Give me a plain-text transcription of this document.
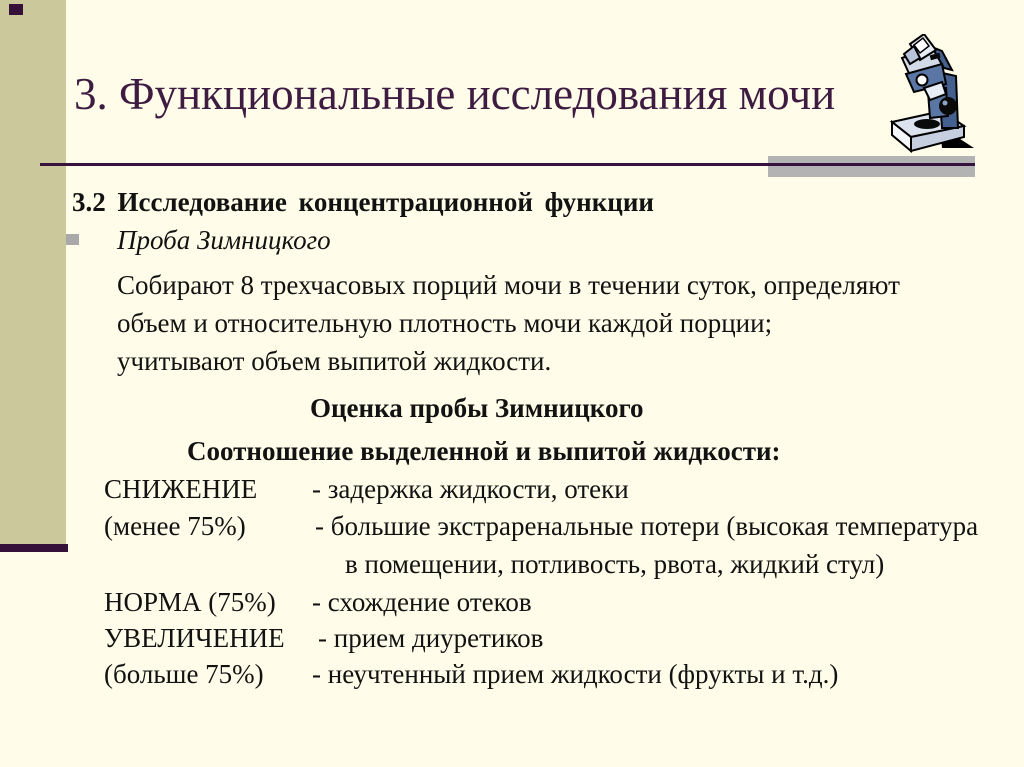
3. Функциональные исследования мочи
3.2 Исследование концентрационной функции
Проба Зимницкого
Собирают 8 трехчасовых порций мочи в течении суток, определяют
объем и относительную плотность мочи каждой порции;
учитывают объем выпитой жидкости.
Оценка пробы Зимницкого
Соотношение выделенной и выпитой жидкости:
СНИЖЕНИЕ - задержка жидкости, отеки
(менее 75%)	- большие экстраренальные потери (высокая температура
в помещении, потливость, рвота, жидкий стул)
НОРМА (75%) - схождение отеков
УВЕЛИЧЕНИЕ - прием диуретиков
(больше 75%) - неучтенный прием жидкости (фрукты и т.д.)
